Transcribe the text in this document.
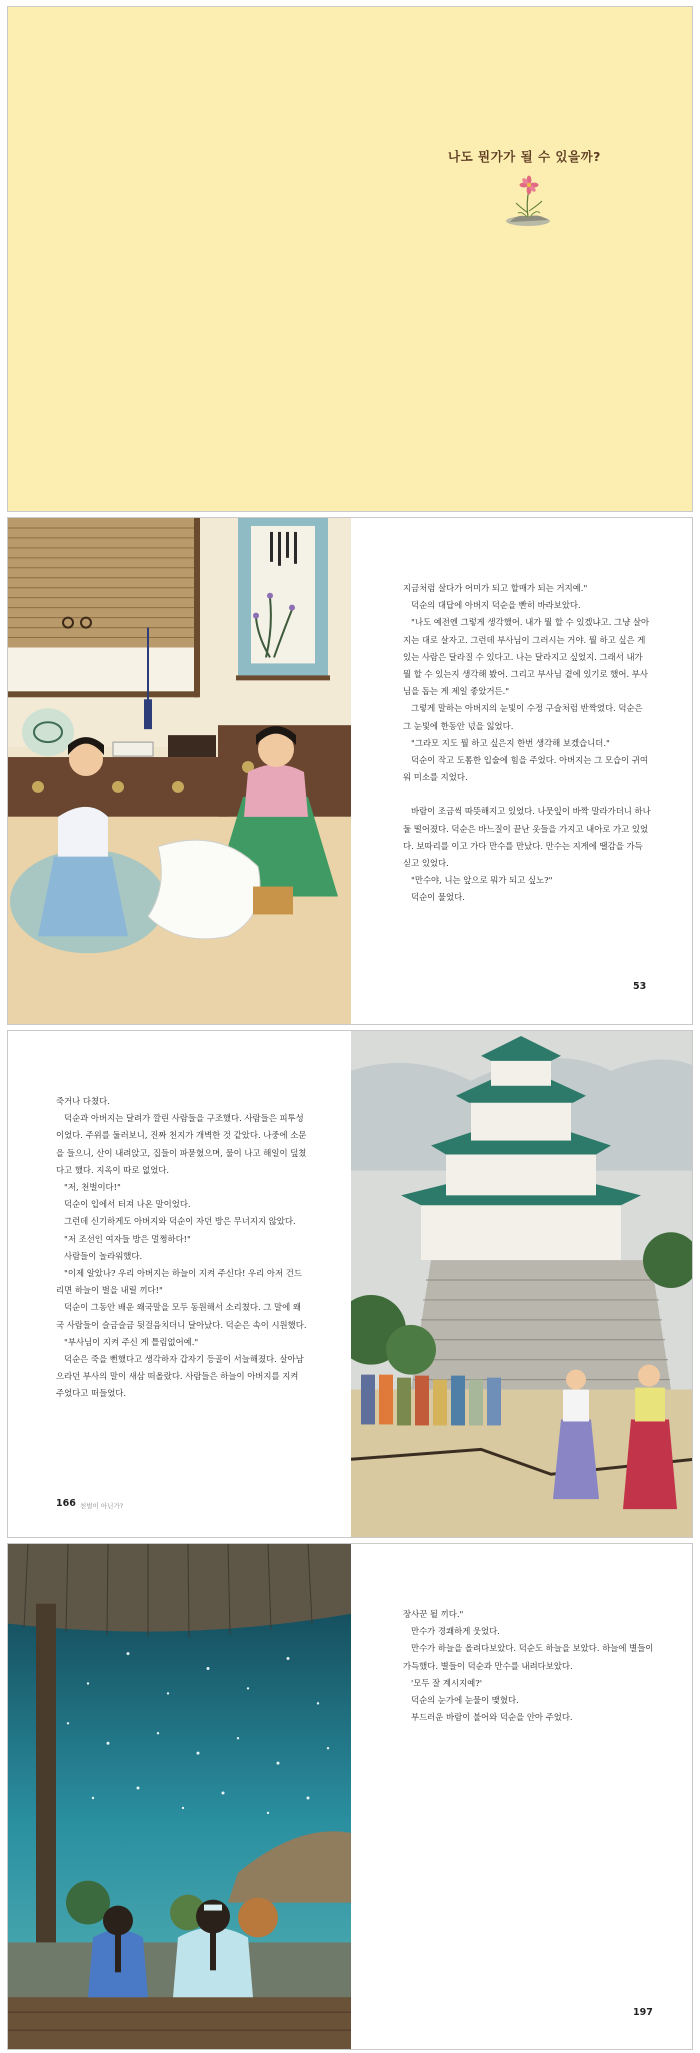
나도 뭔가가 될 수 있을까?

지금처럼 살다가 어미가 되고 할매가 되는 거지예."

덕순의 대답에 아버지 덕순을 빤히 바라보았다.

"나도 예전엔 그렇게 생각했어. 내가 뭘 할 수 있겠냐고. 그냥 살아지는 대로 살자고. 그런데 부사님이 그러시는 거야. 뭘 하고 싶은 게 있는 사람은 달라질 수 있다고. 나는 달라지고 싶었지. 그래서 내가 뭘 할 수 있는지 생각해 봤어. 그리고 부사님 곁에 있기로 했어. 부사님을 돕는 게 제일 좋았거든."

그렇게 말하는 아버지의 눈빛이 수정 구슬처럼 반짝였다. 덕순은 그 눈빛에 한동안 넋을 잃었다.

"그라모 지도 뭘 하고 싶은지 한번 생각해 보겠습니더."

덕순이 작고 도톰한 입술에 힘을 주었다. 아버지는 그 모습이 귀여워 미소를 지었다.

바람이 조금씩 따뜻해지고 있었다. 나뭇잎이 바짝 말라가더니 하나둘 떨어졌다. 덕순은 바느질이 끝난 옷들을 가지고 내아로 가고 있었다. 보따리를 이고 가다 만수를 만났다. 만수는 지게에 땔감을 가득 싣고 있었다.

"만수야, 니는 앞으로 뭐가 되고 싶노?"

덕순이 물었다.

53

죽거나 다쳤다.

덕순과 아버지는 달려가 깔린 사람들을 구조했다. 사람들은 피투성이었다. 주위를 둘러보니, 진짜 천지가 개벽한 것 같았다. 나중에 소문을 들으니, 산이 내려앉고, 집들이 파묻혔으며, 물이 나고 해일이 덮쳤다고 했다. 지옥이 따로 없었다.

"저, 천벌이다!"

덕순이 입에서 터져 나온 말이었다.

그런데 신기하게도 아버지와 덕순이 자던 방은 무너지지 않았다.

"저 조선인 여자들 방은 멀쩡하다!"

사람들이 놀라워했다.

"이제 알았나? 우리 아버지는 하늘이 지켜 주신다! 우리 아저 건드리면 하늘이 벌을 내릴 끼다!"

덕순이 그동안 배운 왜국말을 모두 동원해서 소리쳤다. 그 말에 왜국 사람들이 슬금슬금 뒷걸음치더니 달아났다. 덕순은 속이 시원했다.

"부사님이 지켜 주신 게 틀림없어예."

덕순은 죽을 뻔했다고 생각하자 갑자기 등골이 서늘해졌다. 살아남으라던 부사의 말이 새삼 떠올랐다. 사람들은 하늘이 아버지를 지켜 주었다고 떠들었다.

166 천벌이 아닌가?

장사꾼 될 끼다."

만수가 경쾌하게 웃었다.

만수가 하늘을 올려다보았다. 덕순도 하늘을 보았다. 하늘에 별들이 가득했다. 별들이 덕순과 만수를 내려다보았다.

'모두 잘 계시지예?'

덕순의 눈가에 눈물이 맺혔다.

부드러운 바람이 불어와 덕순을 안아 주었다.

197
